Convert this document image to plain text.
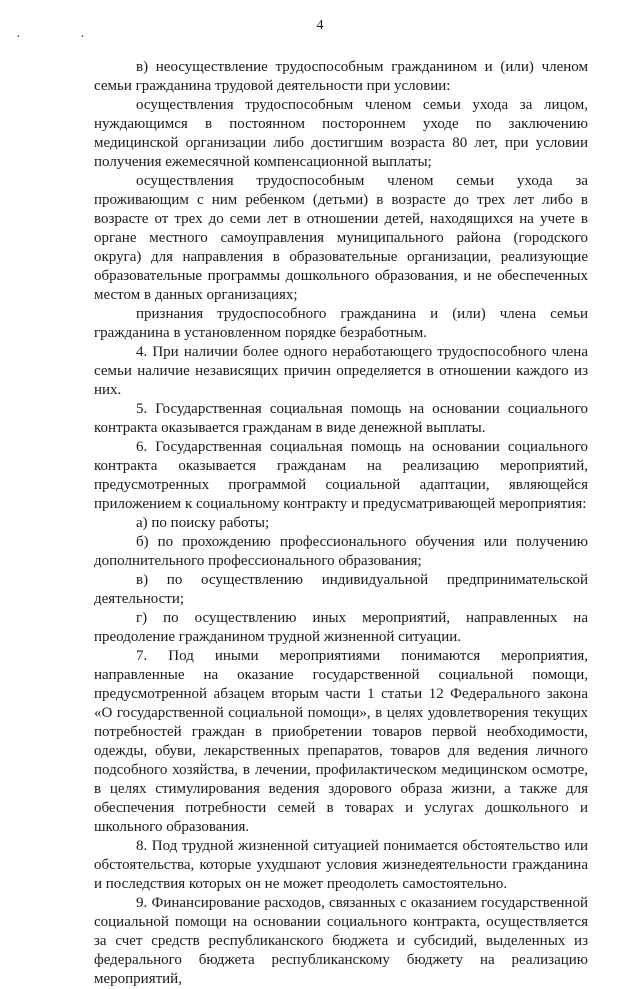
· ·
4

в) неосуществление трудоспособным гражданином и (или) членом семьи гражданина трудовой деятельности при условии:

осуществления трудоспособным членом семьи ухода за лицом, нуждающимся в постоянном постороннем уходе по заключению медицинской организации либо достигшим возраста 80 лет, при условии получения ежемесячной компенсационной выплаты;

осуществления трудоспособным членом семьи ухода за проживающим с ним ребенком (детьми) в возрасте до трех лет либо в возрасте от трех до семи лет в отношении детей, находящихся на учете в органе местного самоуправления муниципального района (городского округа) для направления в образовательные организации, реализующие образовательные программы дошкольного образования, и не обеспеченных местом в данных организациях;

признания трудоспособного гражданина и (или) члена семьи гражданина в установленном порядке безработным.

4. При наличии более одного неработающего трудоспособного члена семьи наличие независящих причин определяется в отношении каждого из них.

5. Государственная социальная помощь на основании социального контракта оказывается гражданам в виде денежной выплаты.

6. Государственная социальная помощь на основании социального контракта оказывается гражданам на реализацию мероприятий, предусмотренных программой социальной адаптации, являющейся приложением к социальному контракту и предусматривающей мероприятия:

а) по поиску работы;

б) по прохождению профессионального обучения или получению дополнительного профессионального образования;

в) по осуществлению индивидуальной предпринимательской деятельности;

г) по осуществлению иных мероприятий, направленных на преодоление гражданином трудной жизненной ситуации.

7. Под иными мероприятиями понимаются мероприятия, направленные на оказание государственной социальной помощи, предусмотренной абзацем вторым части 1 статьи 12 Федерального закона «О государственной социальной помощи», в целях удовлетворения текущих потребностей граждан в приобретении товаров первой необходимости, одежды, обуви, лекарственных препаратов, товаров для ведения личного подсобного хозяйства, в лечении, профилактическом медицинском осмотре, в целях стимулирования ведения здорового образа жизни, а также для обеспечения потребности семей в товарах и услугах дошкольного и школьного образования.

8. Под трудной жизненной ситуацией понимается обстоятельство или обстоятельства, которые ухудшают условия жизнедеятельности гражданина и последствия которых он не может преодолеть самостоятельно.

9. Финансирование расходов, связанных с оказанием государственной социальной помощи на основании социального контракта, осуществляется за счет средств республиканского бюджета и субсидий, выделенных из федерального бюджета республиканскому бюджету на реализацию мероприятий,
